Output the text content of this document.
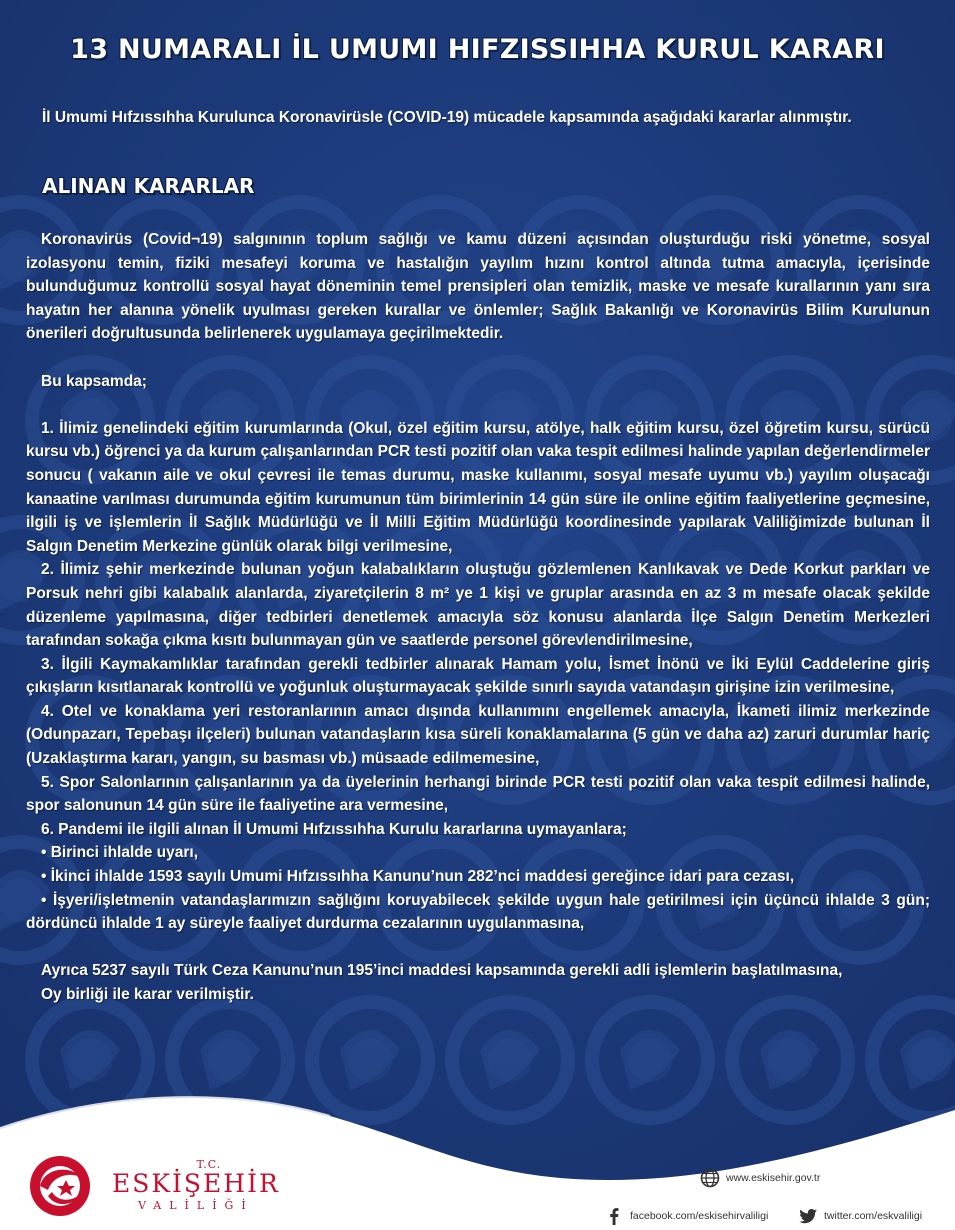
13 NUMARALI İL UMUMI HIFZISSIHHA KURUL KARARI
İl Umumi Hıfzıssıhha Kurulunca Koronavirüsle (COVID-19) mücadele kapsamında aşağıdaki kararlar alınmıştır.
ALINAN KARARLAR

Koronavirüs (Covid¬19) salgınının toplum sağlığı ve kamu düzeni açısından oluşturduğu riski yönetme, sosyal izolasyonu temin, fiziki mesafeyi koruma ve hastalığın yayılım hızını kontrol altında tutma amacıyla, içerisinde bulunduğumuz kontrollü sosyal hayat döneminin temel prensipleri olan temizlik, maske ve mesafe kurallarının yanı sıra hayatın her alanına yönelik uyulması gereken kurallar ve önlemler; Sağlık Bakanlığı ve Koronavirüs Bilim Kurulunun önerileri doğrultusunda belirlenerek uygulamaya geçirilmektedir.

Bu kapsamda;

1. İlimiz genelindeki eğitim kurumlarında (Okul, özel eğitim kursu, atölye, halk eğitim kursu, özel öğretim kursu, sürücü kursu vb.) öğrenci ya da kurum çalışanlarından PCR testi pozitif olan vaka tespit edilmesi halinde yapılan değerlendirmeler sonucu ( vakanın aile ve okul çevresi ile temas durumu, maske kullanımı, sosyal mesafe uyumu vb.) yayılım oluşacağı kanaatine varılması durumunda eğitim kurumunun tüm birimlerinin 14 gün süre ile online eğitim faaliyetlerine geçmesine, ilgili iş ve işlemlerin İl Sağlık Müdürlüğü ve İl Milli Eğitim Müdürlüğü koordinesinde yapılarak Valiliğimizde bulunan İl Salgın Denetim Merkezine günlük olarak bilgi verilmesine,

2. İlimiz şehir merkezinde bulunan yoğun kalabalıkların oluştuğu gözlemlenen Kanlıkavak ve Dede Korkut parkları ve Porsuk nehri gibi kalabalık alanlarda, ziyaretçilerin 8 m² ye 1 kişi ve gruplar arasında en az 3 m mesafe olacak şekilde düzenleme yapılmasına, diğer tedbirleri denetlemek amacıyla söz konusu alanlarda İlçe Salgın Denetim Merkezleri tarafından sokağa çıkma kısıtı bulunmayan gün ve saatlerde personel görevlendirilmesine,

3. İlgili Kaymakamlıklar tarafından gerekli tedbirler alınarak Hamam yolu, İsmet İnönü ve İki Eylül Caddelerine giriş çıkışların kısıtlanarak kontrollü ve yoğunluk oluşturmayacak şekilde sınırlı sayıda vatandaşın girişine izin verilmesine,

4. Otel ve konaklama yeri restoranlarının amacı dışında kullanımını engellemek amacıyla, İkameti ilimiz merkezinde (Odunpazarı, Tepebaşı ilçeleri) bulunan vatandaşların kısa süreli konaklamalarına (5 gün ve daha az) zaruri durumlar hariç (Uzaklaştırma kararı, yangın, su basması vb.) müsaade edilmemesine,

5. Spor Salonlarının çalışanlarının ya da üyelerinin herhangi birinde PCR testi pozitif olan vaka tespit edilmesi halinde, spor salonunun 14 gün süre ile faaliyetine ara vermesine,

6. Pandemi ile ilgili alınan İl Umumi Hıfzıssıhha Kurulu kararlarına uymayanlara;

• Birinci ihlalde uyarı,

• İkinci ihlalde 1593 sayılı Umumi Hıfzıssıhha Kanunu’nun 282’nci maddesi gereğince idari para cezası,

• İşyeri/işletmenin vatandaşlarımızın sağlığını koruyabilecek şekilde uygun hale getirilmesi için üçüncü ihlalde 3 gün; dördüncü ihlalde 1 ay süreyle faaliyet durdurma cezalarının uygulanmasına,

Ayrıca 5237 sayılı Türk Ceza Kanunu’nun 195’inci maddesi kapsamında gerekli adli işlemlerin başlatılmasına,

Oy birliği ile karar verilmiştir.

T.C.
ESKİŞEHİR
VALİLİĞİ
www.eskisehir.gov.tr
facebook.com/eskisehirvaliligi	twitter.com/eskvaliligi
